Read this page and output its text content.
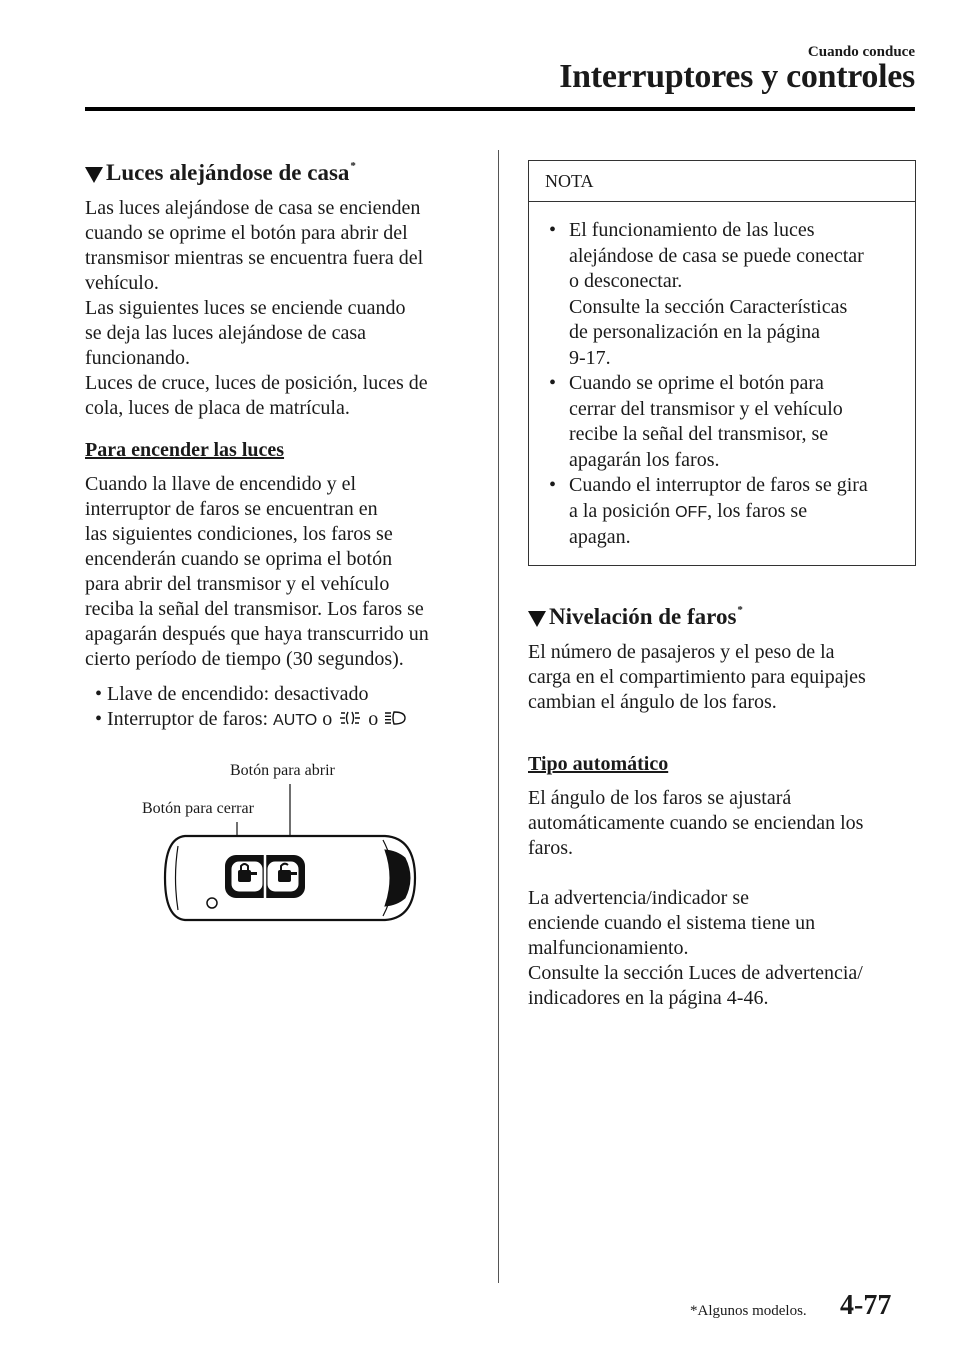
Cuando conduce
Interruptores y controles
Luces alejándose de casa *

Las luces alejándose de casa se encienden

cuando se oprime el botón para abrir del

transmisor mientras se encuentra fuera del

vehículo.

Las siguientes luces se enciende cuando

se deja las luces alejándose de casa

funcionando.

Luces de cruce, luces de posición, luces de

cola, luces de placa de matrícula.

Para encender las luces

Cuando la llave de encendido y el

interruptor de faros se encuentran en

las siguientes condiciones, los faros se

encenderán cuando se oprima el botón

para abrir del transmisor y el vehículo

reciba la señal del transmisor. Los faros se

apagarán después que haya transcurrido un

cierto período de tiempo (30 segundos).

• Llave de encendido: desactivado
• Interruptor de faros: AUTO o  o
Botón para abrir
Botón para cerrar
NOTA
• El funcionamiento de las luces
alejándose de casa se puede conectar
o desconectar.
Consulte la sección Características
de personalización en la página
9-17.
• Cuando se oprime el botón para
cerrar del transmisor y el vehículo
recibe la señal del transmisor, se
apagarán los faros.
• Cuando el interruptor de faros se gira
a la posición OFF, los faros se
apagan.
Nivelación de faros *

El número de pasajeros y el peso de la

carga en el compartimiento para equipajes

cambian el ángulo de los faros.

Tipo automático

El ángulo de los faros se ajustará

automáticamente cuando se enciendan los

faros.

La advertencia/indicador se

enciende cuando el sistema tiene un

malfuncionamiento.

Consulte la sección Luces de advertencia/

indicadores en la página 4-46.

*Algunos modelos. 4-77
